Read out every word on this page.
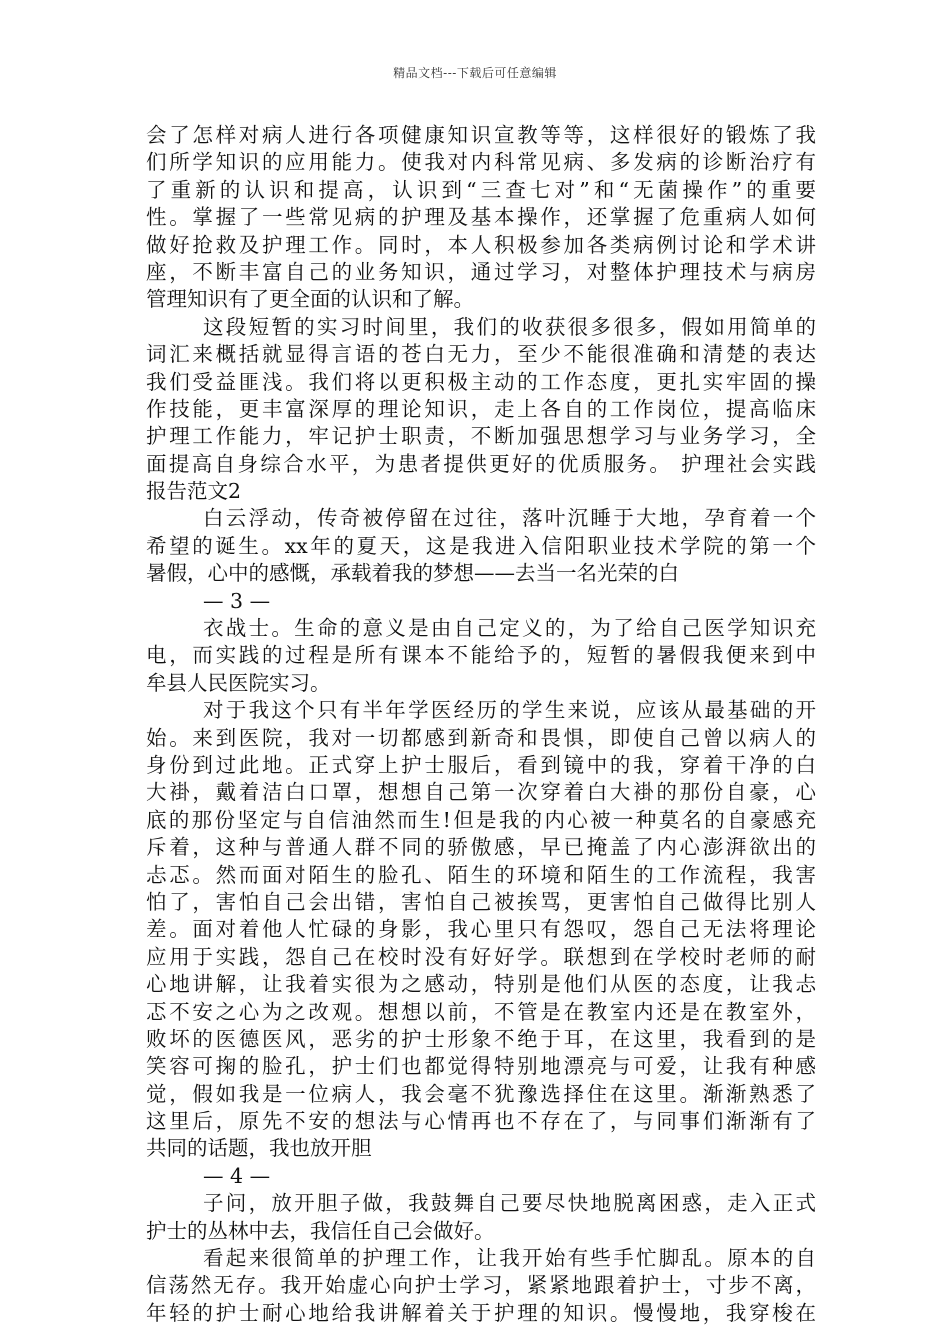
精品文档---下载后可任意编辑
会了怎样对病人进行各项健康知识宣教等等，这样很好的锻炼了我
们所学知识的应用能力。使我对内科常见病、多发病的诊断治疗有
了重新的认识和提高，认识到“三查七对”和“无菌操作”的重要
性。掌握了一些常见病的护理及基本操作，还掌握了危重病人如何
做好抢救及护理工作。同时，本人积极参加各类病例讨论和学术讲
座，不断丰富自己的业务知识，通过学习，对整体护理技术与病房
管理知识有了更全面的认识和了解。
这段短暂的实习时间里，我们的收获很多很多，假如用简单的
词汇来概括就显得言语的苍白无力，至少不能很准确和清楚的表达
我们受益匪浅。我们将以更积极主动的工作态度，更扎实牢固的操
作技能，更丰富深厚的理论知识，走上各自的工作岗位，提高临床
护理工作能力，牢记护士职责，不断加强思想学习与业务学习，全
面提高自身综合水平，为患者提供更好的优质服务。 护理社会实践
报告范文2
白云浮动，传奇被停留在过往，落叶沉睡于大地，孕育着一个
希望的诞生。xx年的夏天，这是我进入信阳职业技术学院的第一个
暑假，心中的感慨，承载着我的梦想——去当一名光荣的白
— 3 —
衣战士。生命的意义是由自己定义的，为了给自己医学知识充
电，而实践的过程是所有课本不能给予的，短暂的暑假我便来到中
牟县人民医院实习。
对于我这个只有半年学医经历的学生来说，应该从最基础的开
始。来到医院，我对一切都感到新奇和畏惧，即使自己曾以病人的
身份到过此地。正式穿上护士服后，看到镜中的我，穿着干净的白
大褂，戴着洁白口罩，想想自己第一次穿着白大褂的那份自豪，心
底的那份坚定与自信油然而生!但是我的内心被一种莫名的自豪感充
斥着，这种与普通人群不同的骄傲感，早已掩盖了内心澎湃欲出的
忐忑。然而面对陌生的脸孔、陌生的环境和陌生的工作流程，我害
怕了，害怕自己会出错，害怕自己被挨骂，更害怕自己做得比别人
差。面对着他人忙碌的身影，我心里只有怨叹，怨自己无法将理论
应用于实践，怨自己在校时没有好好学。联想到在学校时老师的耐
心地讲解，让我着实很为之感动，特别是他们从医的态度，让我忐
忑不安之心为之改观。想想以前，不管是在教室内还是在教室外，
败坏的医德医风，恶劣的护士形象不绝于耳，在这里，我看到的是
笑容可掬的脸孔，护士们也都觉得特别地漂亮与可爱，让我有种感
觉，假如我是一位病人，我会毫不犹豫选择住在这里。渐渐熟悉了
这里后，原先不安的想法与心情再也不存在了，与同事们渐渐有了
共同的话题，我也放开胆
— 4 —
子问，放开胆子做，我鼓舞自己要尽快地脱离困惑，走入正式
护士的丛林中去，我信任自己会做好。
看起来很简单的护理工作，让我开始有些手忙脚乱。原本的自
信荡然无存。我开始虚心向护士学习，紧紧地跟着护士，寸步不离，
年轻的护士耐心地给我讲解着关于护理的知识。慢慢地，我穿梭在
